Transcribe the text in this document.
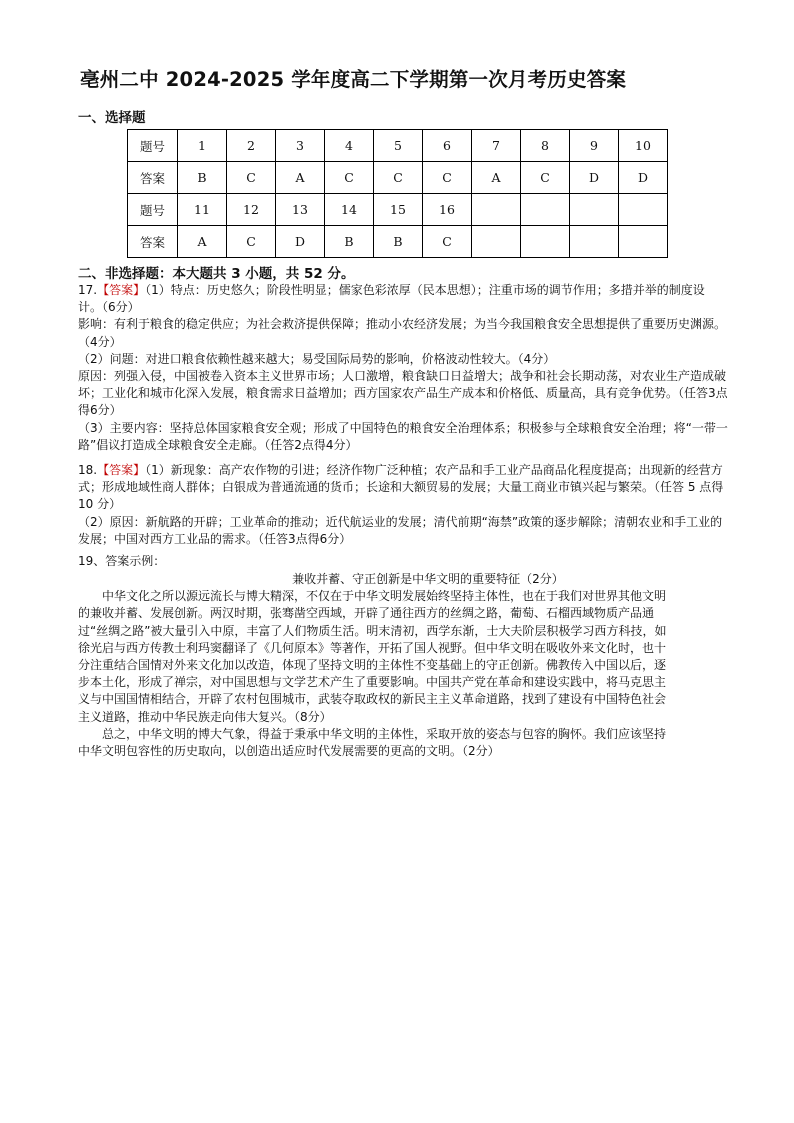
亳州二中 2024-2025 学年度高二下学期第一次月考历史答案
一、选择题
题号	1	2	3	4	5	6	7	8	9	10
答案	B	C	A	C	C	C	A	C	D	D
题号	11	12	13	14	15	16				
答案	A	C	D	B	B	C				
二、非选择题：本大题共 3 小题，共 52 分。

17.【答案】（1）特点：历史悠久；阶段性明显；儒家色彩浓厚（民本思想）；注重市场的调节作用；多措并举的制度设计。（6分）

影响：有利于粮食的稳定供应；为社会救济提供保障；推动小农经济发展；为当今我国粮食安全思想提供了重要历史渊源。（4分）

（2）问题：对进口粮食依赖性越来越大；易受国际局势的影响，价格波动性较大。（4分）

原因：列强入侵，中国被卷入资本主义世界市场；人口激增，粮食缺口日益增大；战争和社会长期动荡，对农业生产造成破坏；工业化和城市化深入发展，粮食需求日益增加；西方国家农产品生产成本和价格低、质量高，具有竞争优势。（任答3点得6分）

（3）主要内容：坚持总体国家粮食安全观；形成了中国特色的粮食安全治理体系；积极参与全球粮食安全治理；将“一带一路”倡议打造成全球粮食安全走廊。（任答2点得4分）

18.【答案】（1）新现象：高产农作物的引进；经济作物广泛种植；农产品和手工业产品商品化程度提高；出现新的经营方式；形成地域性商人群体；白银成为普通流通的货币；长途和大额贸易的发展；大量工商业市镇兴起与繁荣。（任答 5 点得 10 分）

（2）原因：新航路的开辟；工业革命的推动；近代航运业的发展；清代前期“海禁”政策的逐步解除；清朝农业和手工业的发展；中国对西方工业品的需求。（任答3点得6分）

19、答案示例：

兼收并蓄、守正创新是中华文明的重要特征（2分）

中华文化之所以源远流长与博大精深，不仅在于中华文明发展始终坚持主体性，也在于我们对世界其他文明的兼收并蓄、发展创新。两汉时期，张骞凿空西域，开辟了通往西方的丝绸之路，葡萄、石榴西域物质产品通过“丝绸之路”被大量引入中原，丰富了人们物质生活。明末清初，西学东渐，士大夫阶层积极学习西方科技，如徐光启与西方传教士利玛窦翻译了《几何原本》等著作，开拓了国人视野。但中华文明在吸收外来文化时，也十分注重结合国情对外来文化加以改造，体现了坚持文明的主体性不变基础上的守正创新。佛教传入中国以后，逐步本土化，形成了禅宗，对中国思想与文学艺术产生了重要影响。中国共产党在革命和建设实践中，将马克思主义与中国国情相结合，开辟了农村包围城市，武装夺取政权的新民主主义革命道路，找到了建设有中国特色社会主义道路，推动中华民族走向伟大复兴。（8分）

总之，中华文明的博大气象，得益于秉承中华文明的主体性，采取开放的姿态与包容的胸怀。我们应该坚持中华文明包容性的历史取向，以创造出适应时代发展需要的更高的文明。（2分）
